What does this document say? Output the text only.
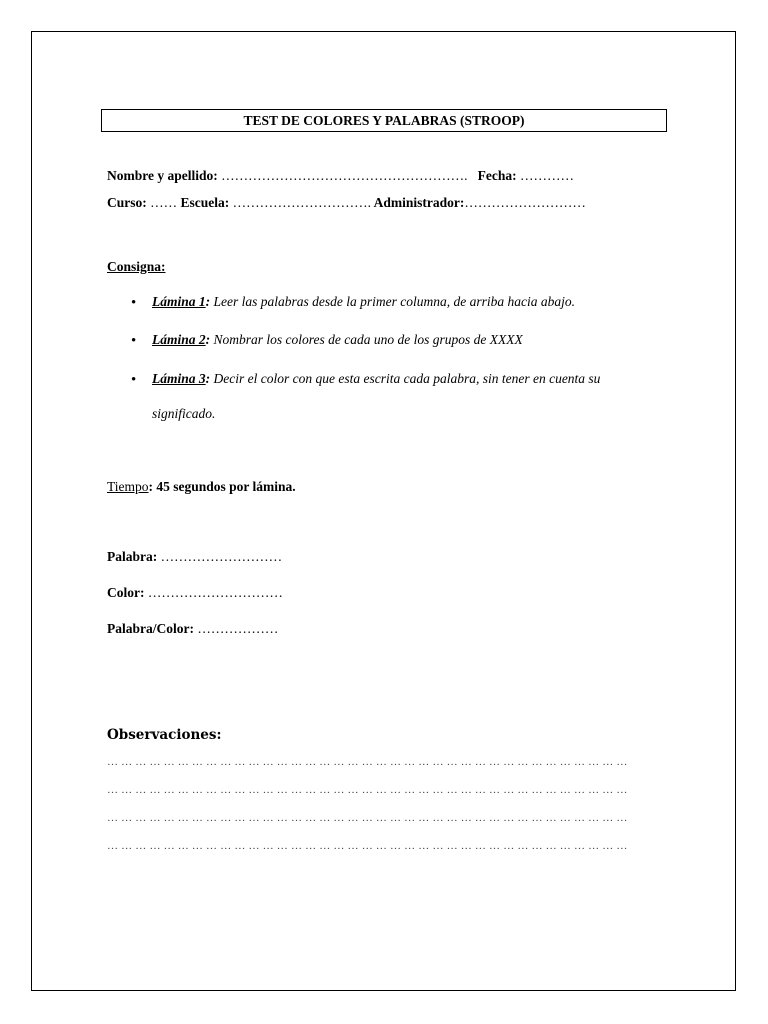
TEST DE COLORES Y PALABRAS (STROOP)
Nombre y apellido: ………………………………………………. Fecha: …………
Curso: …… Escuela: …………………………. Administrador:………………………
Consigna:
• Lámina 1: Leer las palabras desde la primer columna, de arriba hacia abajo.
• Lámina 2: Nombrar los colores de cada uno de los grupos de XXXX
• Lámina 3: Decir el color con que esta escrita cada palabra, sin tener en cuenta su
significado.
Tiempo: 45 segundos por lámina.
Palabra: ………………………
Color: …………………………
Palabra/Color: ………………
Observaciones:
… … … … … … … … … … … … … … … … … … … … … … … … … … … … … … … … … … … … …
… … … … … … … … … … … … … … … … … … … … … … … … … … … … … … … … … … … … …
… … … … … … … … … … … … … … … … … … … … … … … … … … … … … … … … … … … … …
… … … … … … … … … … … … … … … … … … … … … … … … … … … … … … … … … … … … …
